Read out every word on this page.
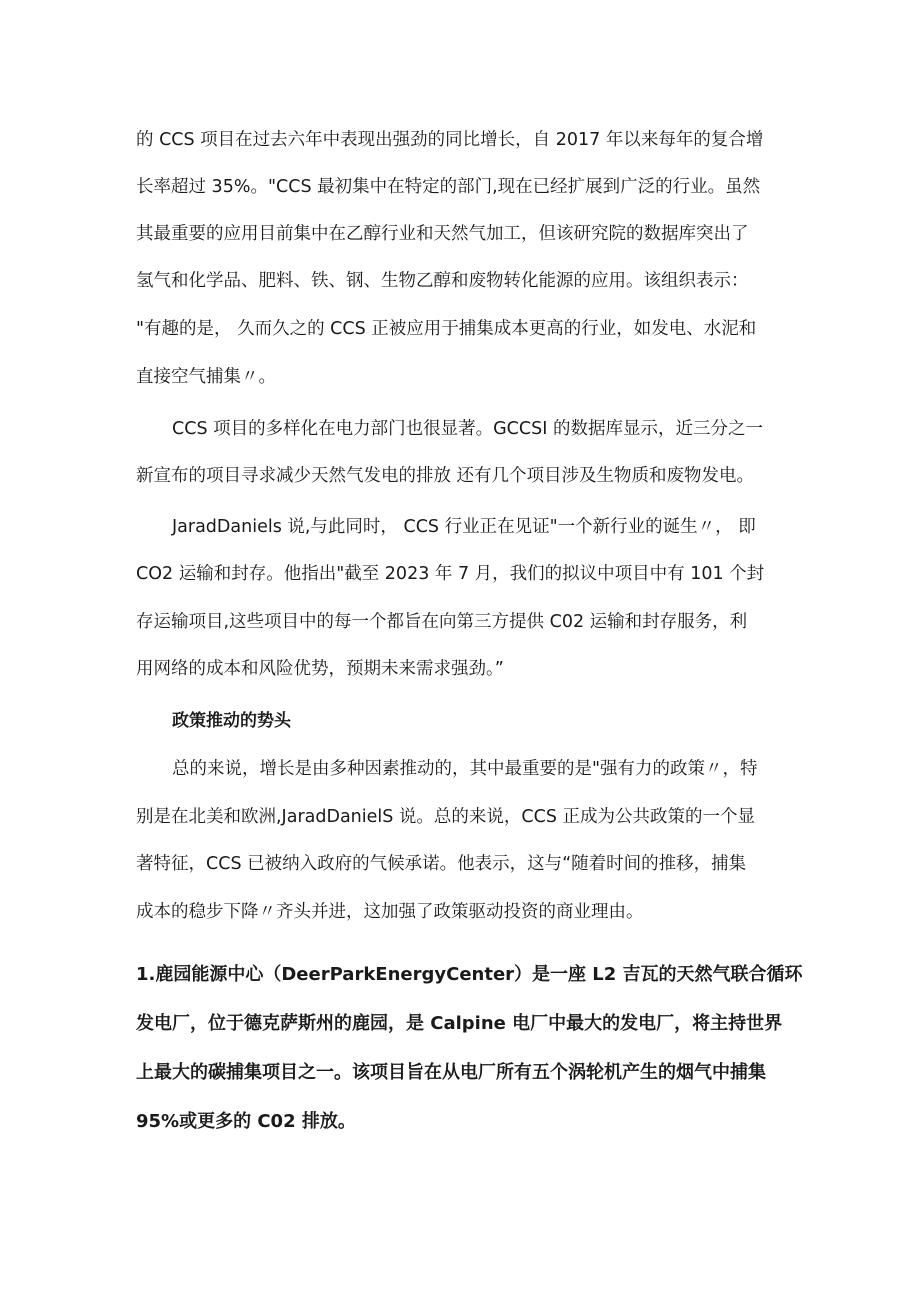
的 CCS 项目在过去六年中表现出强劲的同比增长，自 2017 年以来每年的复合增

长率超过 35%。"CCS 最初集中在特定的部门,现在已经扩展到广泛的行业。虽然

其最重要的应用目前集中在乙醇行业和天然气加工，但该研究院的数据库突出了

氢气和化学品、肥料、铁、钢、生物乙醇和废物转化能源的应用。该组织表示：

"有趣的是， 久而久之的 CCS 正被应用于捕集成本更高的行业，如发电、水泥和

直接空气捕集〃。

CCS 项目的多样化在电力部门也很显著。GCCSI 的数据库显示，近三分之一

新宣布的项目寻求减少天然气发电的排放 还有几个项目涉及生物质和废物发电。

JaradDaniels 说,与此同时， CCS 行业正在见证"一个新行业的诞生〃， 即

CO2 运输和封存。他指出"截至 2023 年 7 月，我们的拟议中项目中有 101 个封

存运输项目,这些项目中的每一个都旨在向第三方提供 C02 运输和封存服务，利

用网络的成本和风险优势，预期未来需求强劲。”

政策推动的势头

总的来说，增长是由多种因素推动的，其中最重要的是"强有力的政策〃，特

别是在北美和欧洲,JaradDanielS 说。总的来说，CCS 正成为公共政策的一个显

著特征，CCS 已被纳入政府的气候承诺。他表示，这与“随着时间的推移，捕集

成本的稳步下降〃齐头并进，这加强了政策驱动投资的商业理由。

1.鹿园能源中心（DeerParkEnergyCenter）是一座 L2 吉瓦的天然气联合循环

发电厂，位于德克萨斯州的鹿园，是 Calpine 电厂中最大的发电厂，将主持世界

上最大的碳捕集项目之一。该项目旨在从电厂所有五个涡轮机产生的烟气中捕集

95%或更多的 C02 排放。
